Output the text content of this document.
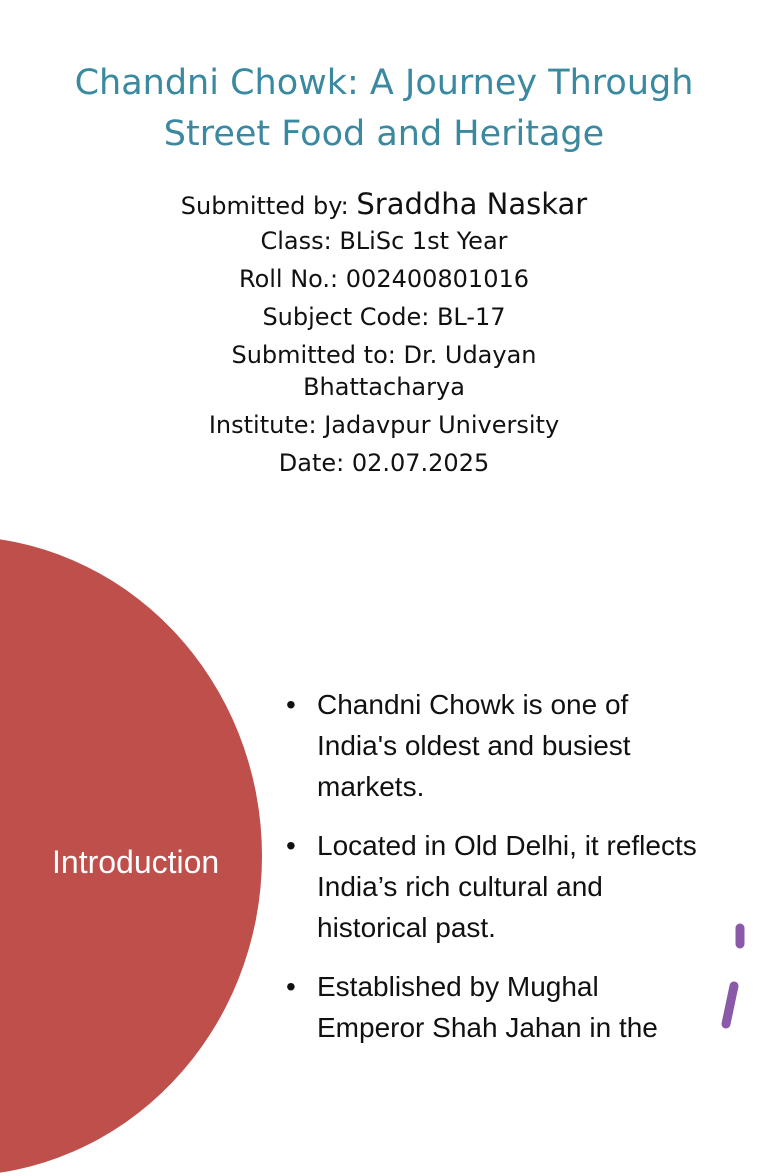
Chandni Chowk: A Journey Through Street Food and Heritage
Submitted by: Sraddha Naskar
Class: BLiSc 1st Year
Roll No.: 002400801016
Subject Code: BL-17
Submitted to: Dr. Udayan
Bhattacharya
Institute: Jadavpur University
Date: 02.07.2025
Introduction
• Chandni Chowk is one of India's oldest and busiest markets.
• Located in Old Delhi, it reflects India’s rich cultural and historical past.
• Established by Mughal Emperor Shah Jahan in the
